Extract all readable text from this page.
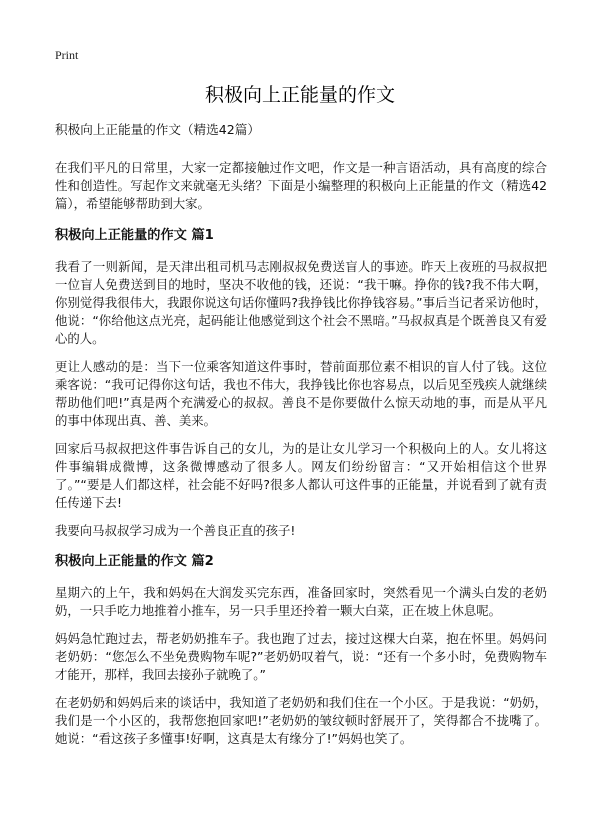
Print
积极向上正能量的作文

积极向上正能量的作文（精选42篇）

在我们平凡的日常里，大家一定都接触过作文吧，作文是一种言语活动，具有高度的综合性和创造性。写起作文来就毫无头绪？下面是小编整理的积极向上正能量的作文（精选42篇），希望能够帮助到大家。

积极向上正能量的作文 篇1

我看了一则新闻，是天津出租司机马志刚叔叔免费送盲人的事迹。昨天上夜班的马叔叔把一位盲人免费送到目的地时，坚决不收他的钱，还说：“我干嘛。挣你的钱?我不伟大啊，你别觉得我很伟大，我跟你说这句话你懂吗?我挣钱比你挣钱容易。”事后当记者采访他时，他说：“你给他这点光亮，起码能让他感觉到这个社会不黑暗。”马叔叔真是个既善良又有爱心的人。

更让人感动的是：当下一位乘客知道这件事时，替前面那位素不相识的盲人付了钱。这位乘客说：“我可记得你这句话，我也不伟大，我挣钱比你也容易点，以后见至残疾人就继续帮助他们吧!”真是两个充满爱心的叔叔。善良不是你要做什么惊天动地的事，而是从平凡的事中体现出真、善、美来。

回家后马叔叔把这件事告诉自己的女儿，为的是让女儿学习一个积极向上的人。女儿将这件事编辑成微博，这条微博感动了很多人。网友们纷纷留言：“又开始相信这个世界了。”“要是人们都这样，社会能不好吗?很多人都认可这件事的正能量，并说看到了就有责任传递下去!

我要向马叔叔学习成为一个善良正直的孩子!

积极向上正能量的作文 篇2

星期六的上午，我和妈妈在大润发买完东西，准备回家时，突然看见一个满头白发的老奶奶，一只手吃力地推着小推车，另一只手里还拎着一颗大白菜，正在坡上休息呢。

妈妈急忙跑过去，帮老奶奶推车子。我也跑了过去，接过这棵大白菜，抱在怀里。妈妈问老奶奶：“您怎么不坐免费购物车呢?”老奶奶叹着气，说：“还有一个多小时，免费购物车才能开，那样，我回去接孙子就晚了。”

在老奶奶和妈妈后来的谈话中，我知道了老奶奶和我们住在一个小区。于是我说：“奶奶，我们是一个小区的，我帮您抱回家吧!”老奶奶的皱纹顿时舒展开了，笑得都合不拢嘴了。她说：“看这孩子多懂事!好啊，这真是太有缘分了!”妈妈也笑了。
